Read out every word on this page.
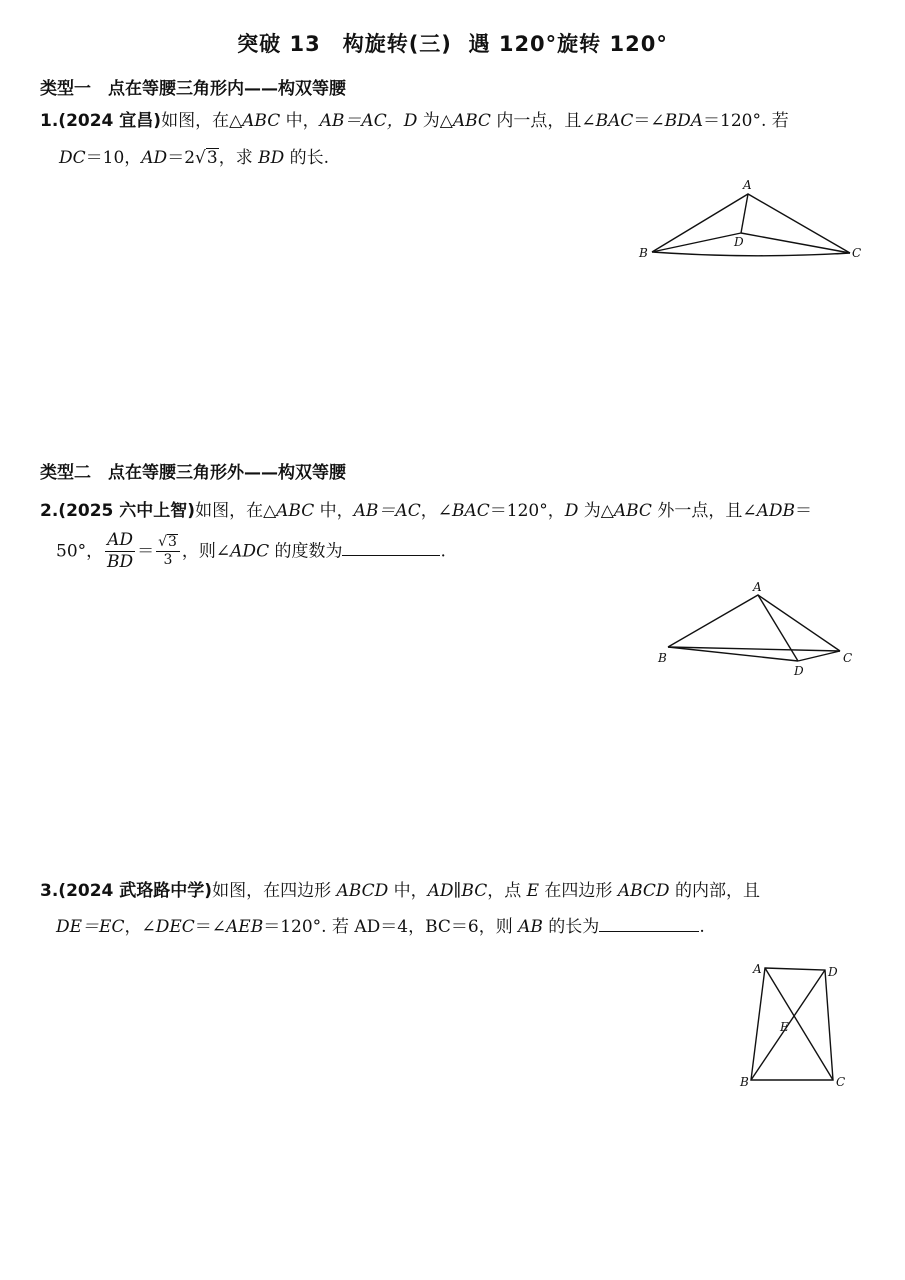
突破 13　构旋转(三)  遇 120°旋转 120°
类型一　点在等腰三角形内——构双等腰
1.(2024 宜昌)如图，在△ABC 中，AB＝AC，D 为△ABC 内一点，且∠BAC＝∠BDA＝120°. 若
DC＝10，AD＝2√3，求 BD 的长.
A
B	C
D
类型二　点在等腰三角形外——构双等腰
2.(2025 六中上智)如图，在△ABC 中，AB＝AC，∠BAC＝120°，D 为△ABC 外一点，且∠ADB＝
50°， $\frac{AD}{BD} = \frac{√3}{3}$ ，则∠ADC 的度数为	.
A
B	C
D
3.(2024 武珞路中学)如图，在四边形 ABCD 中，AD∥BC，点 E 在四边形 ABCD 的内部，且
DE＝EC，∠DEC＝∠AEB＝120°. 若 AD＝4，BC＝6，则 AB 的长为	.
A	D
E
B	C
